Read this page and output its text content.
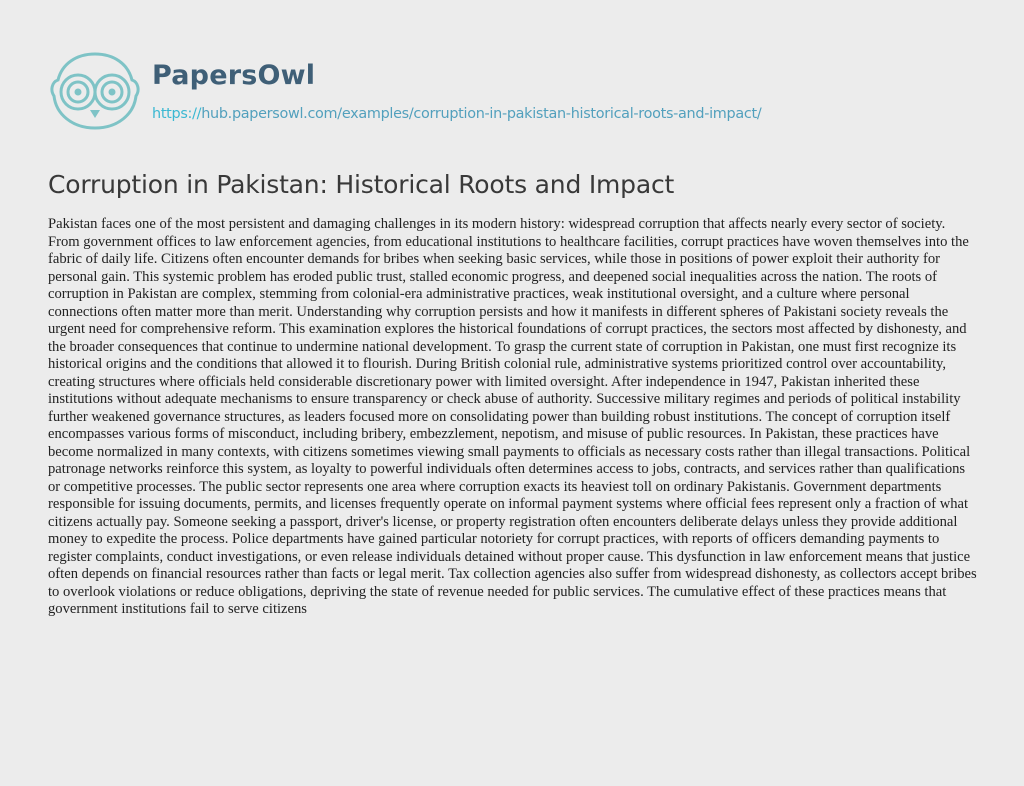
PapersOwl
https://hub.papersowl.com/examples/corruption-in-pakistan-historical-roots-and-impact/
Corruption in Pakistan: Historical Roots and Impact

Pakistan faces one of the most persistent and damaging challenges in its modern history: widespread corruption that affects nearly every sector of society. From government offices to law enforcement agencies, from educational institutions to healthcare facilities, corrupt practices have woven themselves into the fabric of daily life. Citizens often encounter demands for bribes when seeking basic services, while those in positions of power exploit their authority for personal gain. This systemic problem has eroded public trust, stalled economic progress, and deepened social inequalities across the nation. The roots of corruption in Pakistan are complex, stemming from colonial-era administrative practices, weak institutional oversight, and a culture where personal connections often matter more than merit. Understanding why corruption persists and how it manifests in different spheres of Pakistani society reveals the urgent need for comprehensive reform. This examination explores the historical foundations of corrupt practices, the sectors most affected by dishonesty, and the broader consequences that continue to undermine national development. To grasp the current state of corruption in Pakistan, one must first recognize its historical origins and the conditions that allowed it to flourish. During British colonial rule, administrative systems prioritized control over accountability, creating structures where officials held considerable discretionary power with limited oversight. After independence in 1947, Pakistan inherited these institutions without adequate mechanisms to ensure transparency or check abuse of authority. Successive military regimes and periods of political instability further weakened governance structures, as leaders focused more on consolidating power than building robust institutions. The concept of corruption itself encompasses various forms of misconduct, including bribery, embezzlement, nepotism, and misuse of public resources. In Pakistan, these practices have become normalized in many contexts, with citizens sometimes viewing small payments to officials as necessary costs rather than illegal transactions. Political patronage networks reinforce this system, as loyalty to powerful individuals often determines access to jobs, contracts, and services rather than qualifications or competitive processes. The public sector represents one area where corruption exacts its heaviest toll on ordinary Pakistanis. Government departments responsible for issuing documents, permits, and licenses frequently operate on informal payment systems where official fees represent only a fraction of what citizens actually pay. Someone seeking a passport, driver's license, or property registration often encounters deliberate delays unless they provide additional money to expedite the process. Police departments have gained particular notoriety for corrupt practices, with reports of officers demanding payments to register complaints, conduct investigations, or even release individuals detained without proper cause. This dysfunction in law enforcement means that justice often depends on financial resources rather than facts or legal merit. Tax collection agencies also suffer from widespread dishonesty, as collectors accept bribes to overlook violations or reduce obligations, depriving the state of revenue needed for public services. The cumulative effect of these practices means that government institutions fail to serve citizens
